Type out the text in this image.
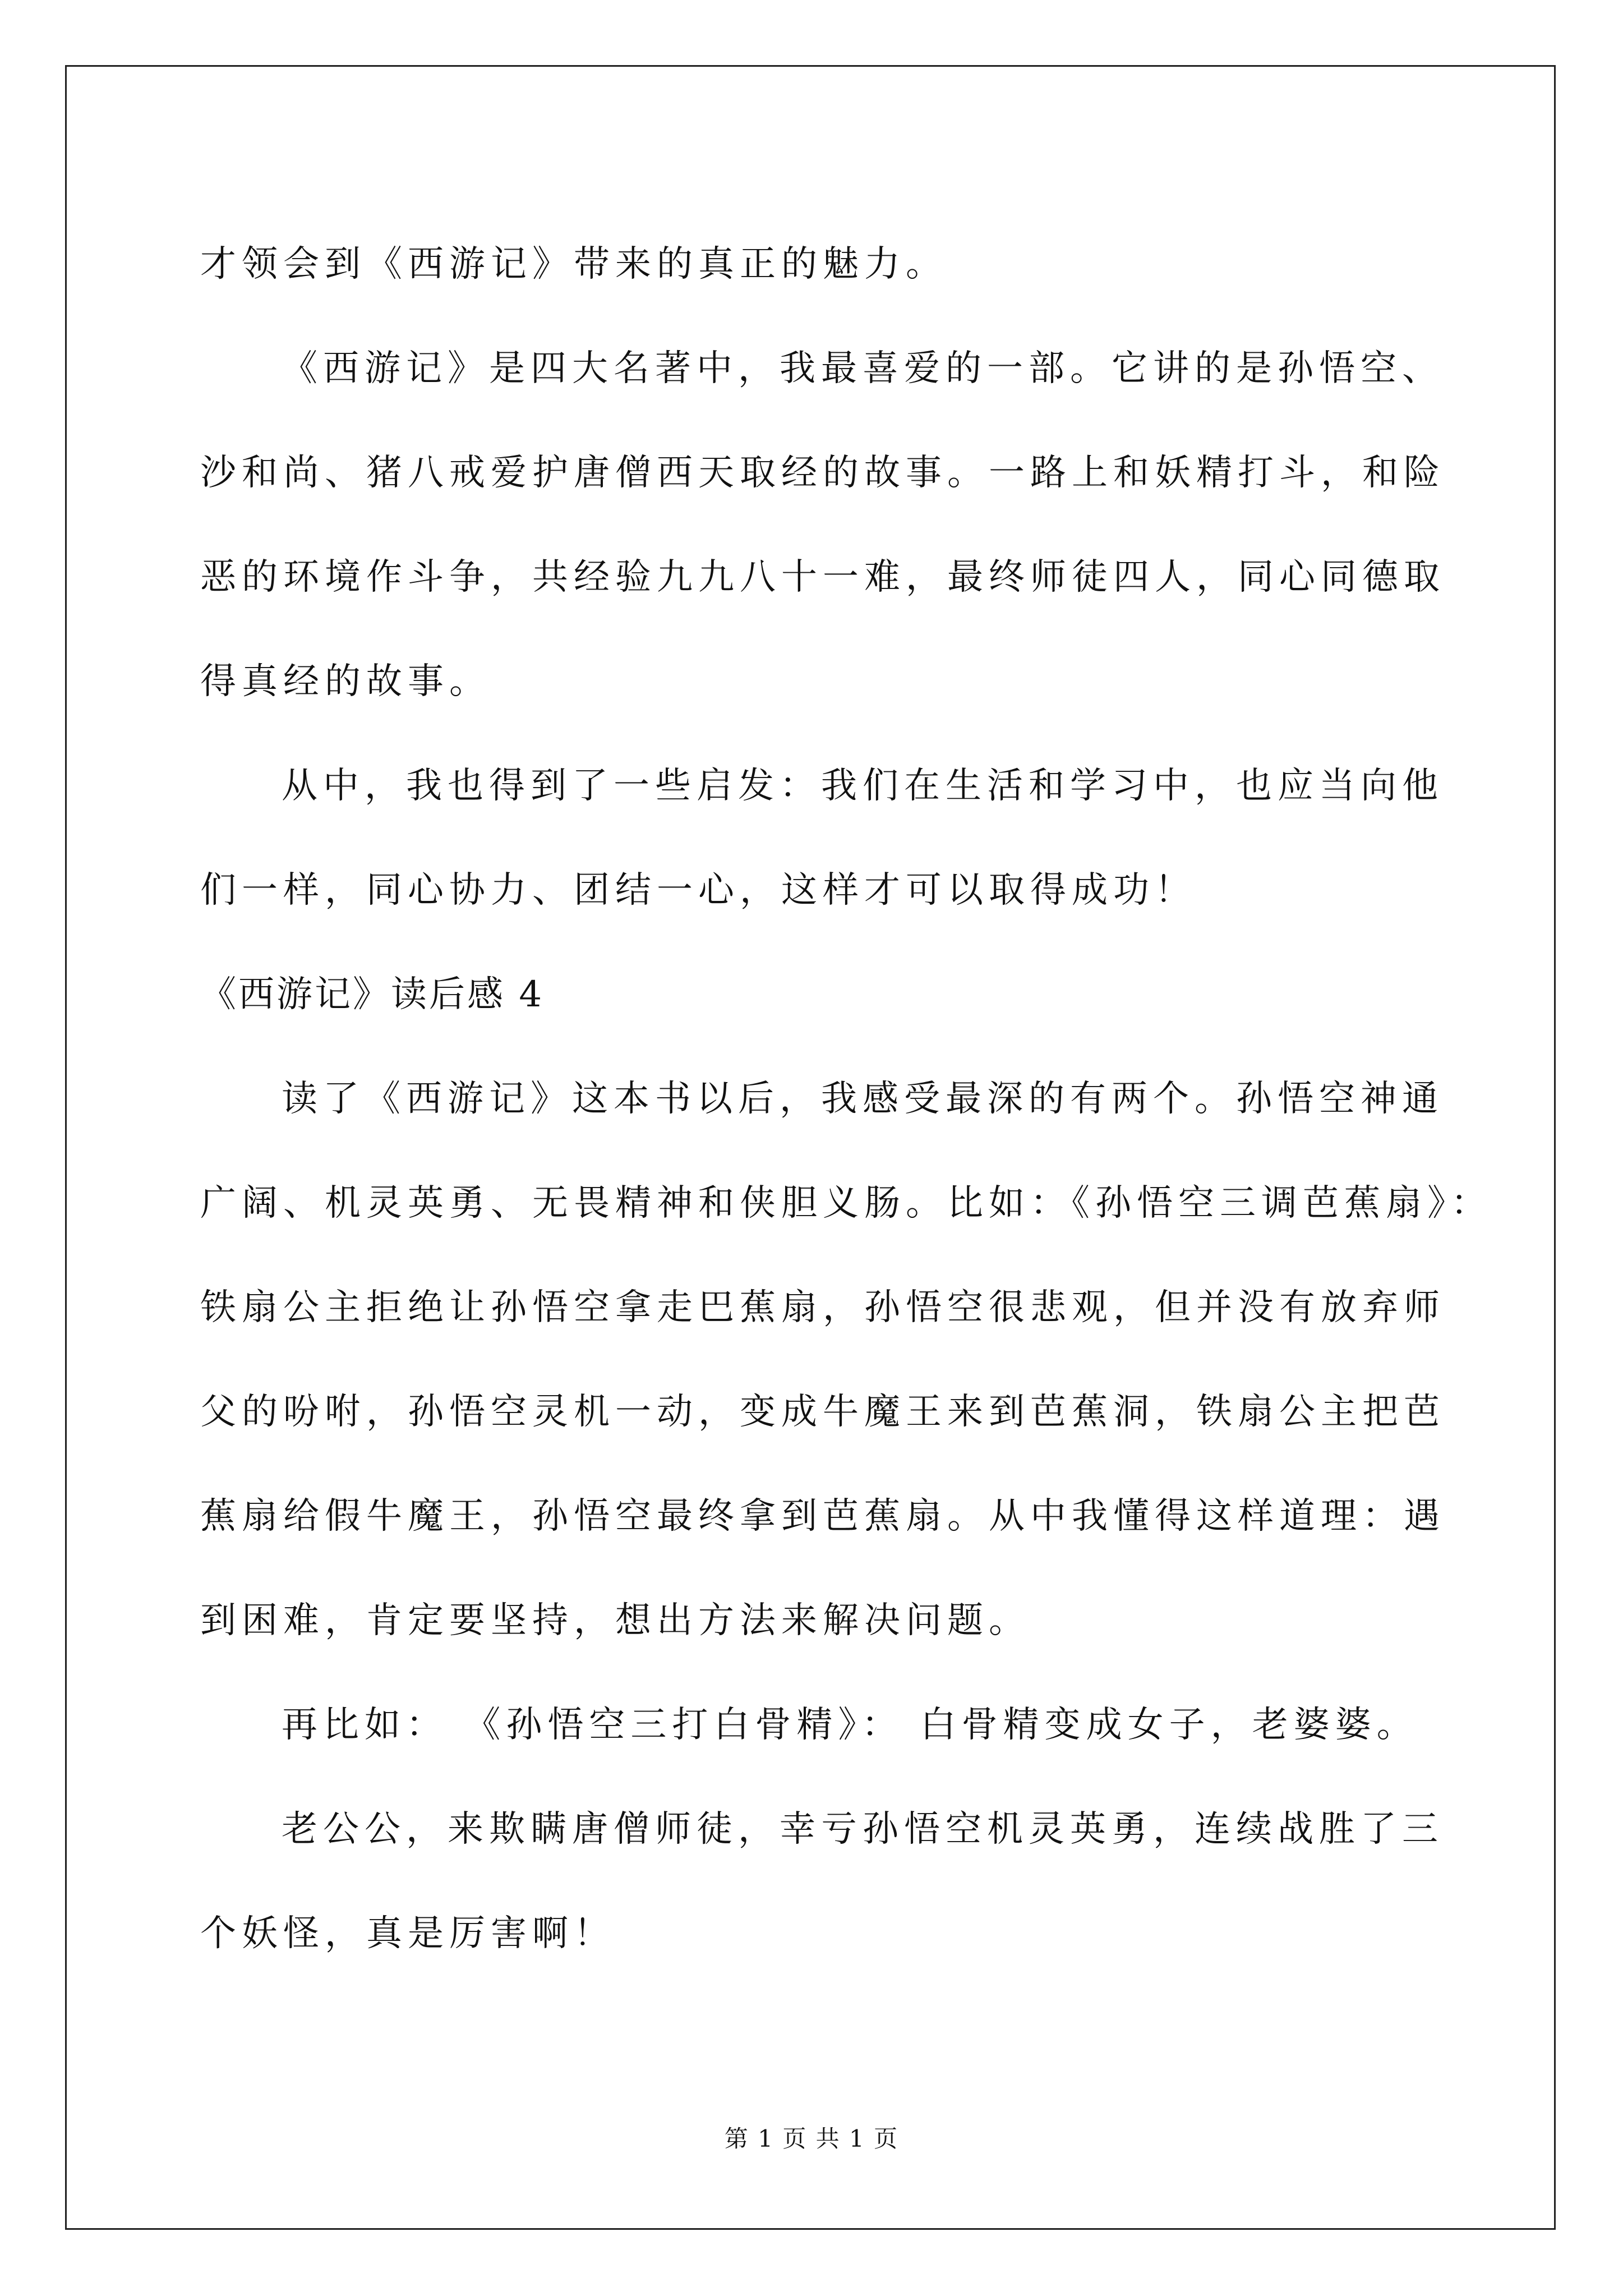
才领会到《西游记》带来的真正的魅力。
《西游记》是四大名著中，我最喜爱的一部。它讲的是孙悟空、
沙和尚、猪八戒爱护唐僧西天取经的故事。一路上和妖精打斗，和险
恶的环境作斗争，共经验九九八十一难，最终师徒四人，同心同德取
得真经的故事。
从中，我也得到了一些启发：我们在生活和学习中，也应当向他
们一样，同心协力、团结一心，这样才可以取得成功！
《西游记》读后感 4
读了《西游记》这本书以后，我感受最深的有两个。孙悟空神通
广阔、机灵英勇、无畏精神和侠胆义肠。比如：《孙悟空三调芭蕉扇》：
铁扇公主拒绝让孙悟空拿走巴蕉扇，孙悟空很悲观，但并没有放弃师
父的吩咐，孙悟空灵机一动，变成牛魔王来到芭蕉洞，铁扇公主把芭
蕉扇给假牛魔王，孙悟空最终拿到芭蕉扇。从中我懂得这样道理：遇
到困难，肯定要坚持，想出方法来解决问题。
再比如： 《孙悟空三打白骨精》： 白骨精变成女子，老婆婆。
老公公，来欺瞒唐僧师徒，幸亏孙悟空机灵英勇，连续战胜了三
个妖怪，真是厉害啊！
第 1 页 共 1 页
